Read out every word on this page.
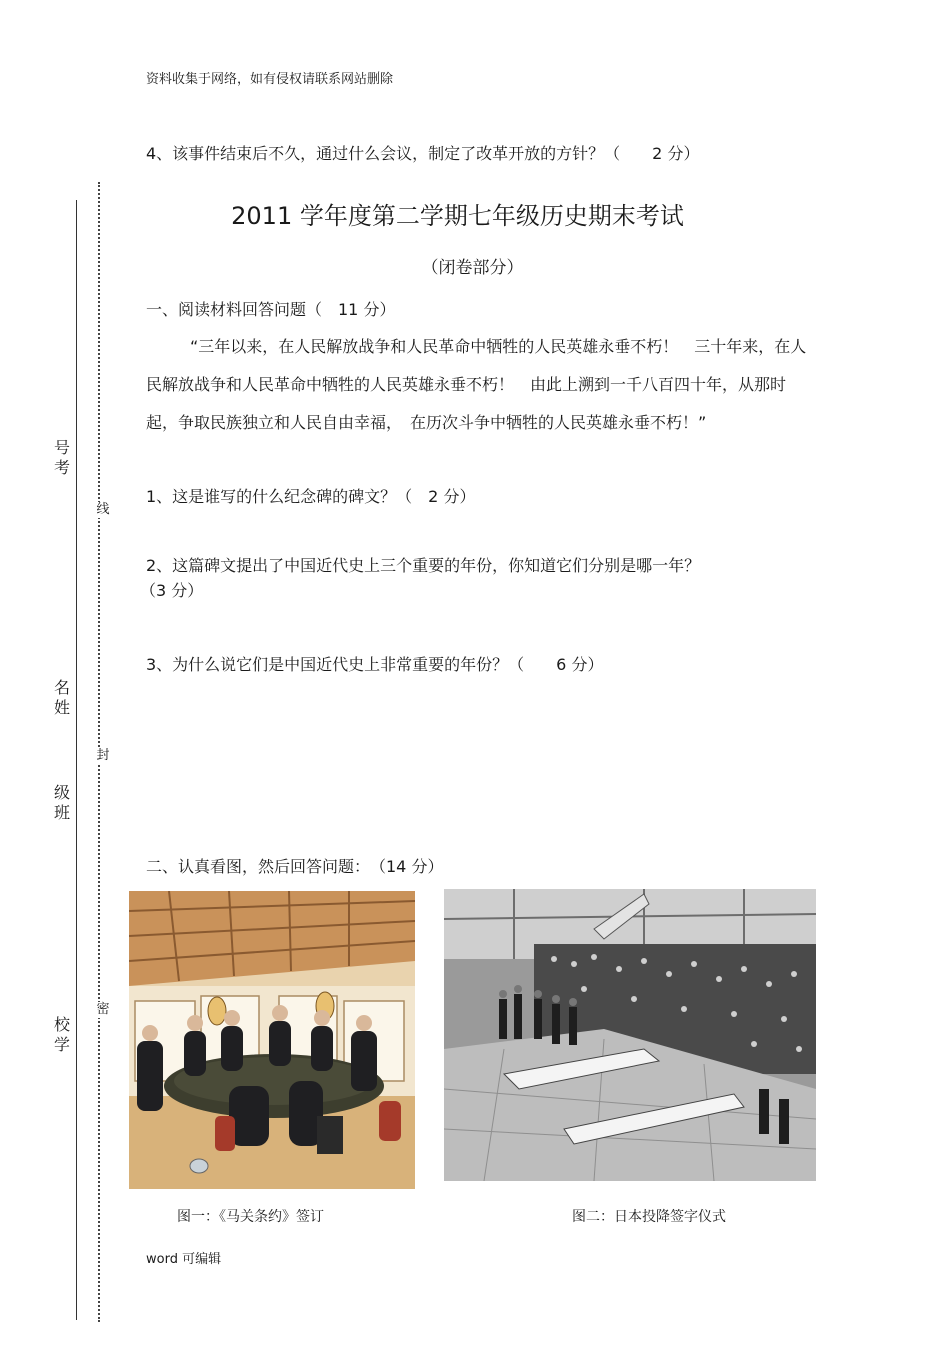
号考
名姓
级班
校学
线
封
密
资料收集于网络，如有侵权请联系网站删除
4、该事件结束后不久，通过什么会议，制定了改革开放的方针？（　　2 分）
2011 学年度第二学期七年级历史期末考试
（闭卷部分）
一、阅读材料回答问题（　11 分）
“三年以来，在人民解放战争和人民革命中牺牲的人民英雄永垂不朽！　三十年来，在人民解放战争和人民革命中牺牲的人民英雄永垂不朽！　由此上溯到一千八百四十年，从那时起，争取民族独立和人民自由幸福，　在历次斗争中牺牲的人民英雄永垂不朽！”
1、这是谁写的什么纪念碑的碑文？（　2 分）
2、这篇碑文提出了中国近代史上三个重要的年份，你知道它们分别是哪一年？
（3 分）
3、为什么说它们是中国近代史上非常重要的年份？（　　6 分）
二、认真看图，然后回答问题：　（14 分）
图一：《马关条约》签订	图二：日本投降签字仪式
word 可编辑
